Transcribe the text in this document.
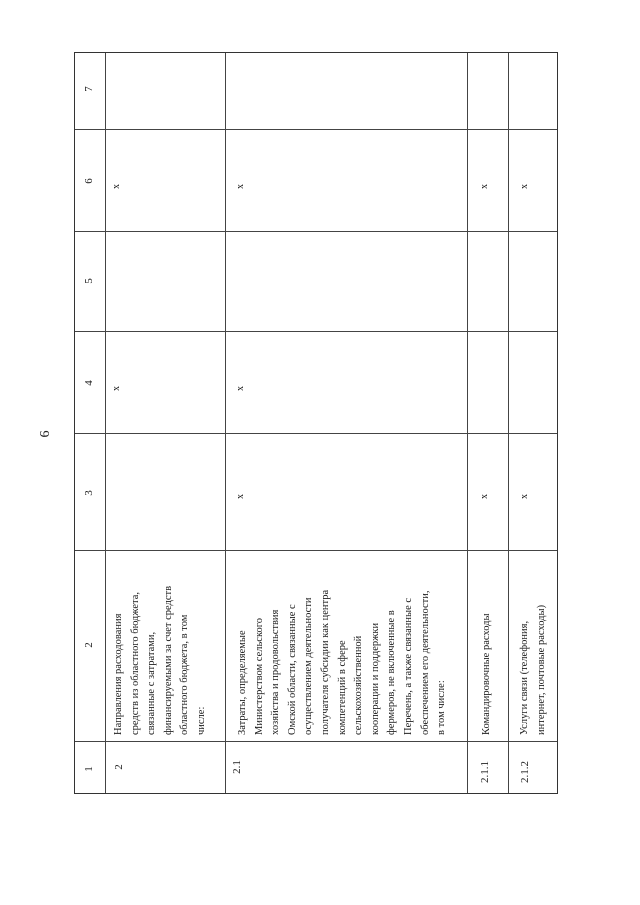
6
1
2
3
4
5
6
7
2
Направления расходования
средств из областного бюджета,
связанные с затратами,
финансируемыми за счет средств
областного бюджета, в том
числе:
x
x
2.1
Затраты, определяемые
Министерством сельского
хозяйства и продовольствия
Омской области, связанные с
осуществлением деятельности
получателя субсидии как центра
компетенций в сфере
сельскохозяйственной
кооперации и поддержки
фермеров, не включенные в
Перечень, а также связанные с
обеспечением его деятельности,
в том числе:
x
x
x
2.1.1
Командировочные расходы
x
x
2.1.2
Услуги связи (телефония,
интернет, почтовые расходы)
x
x
